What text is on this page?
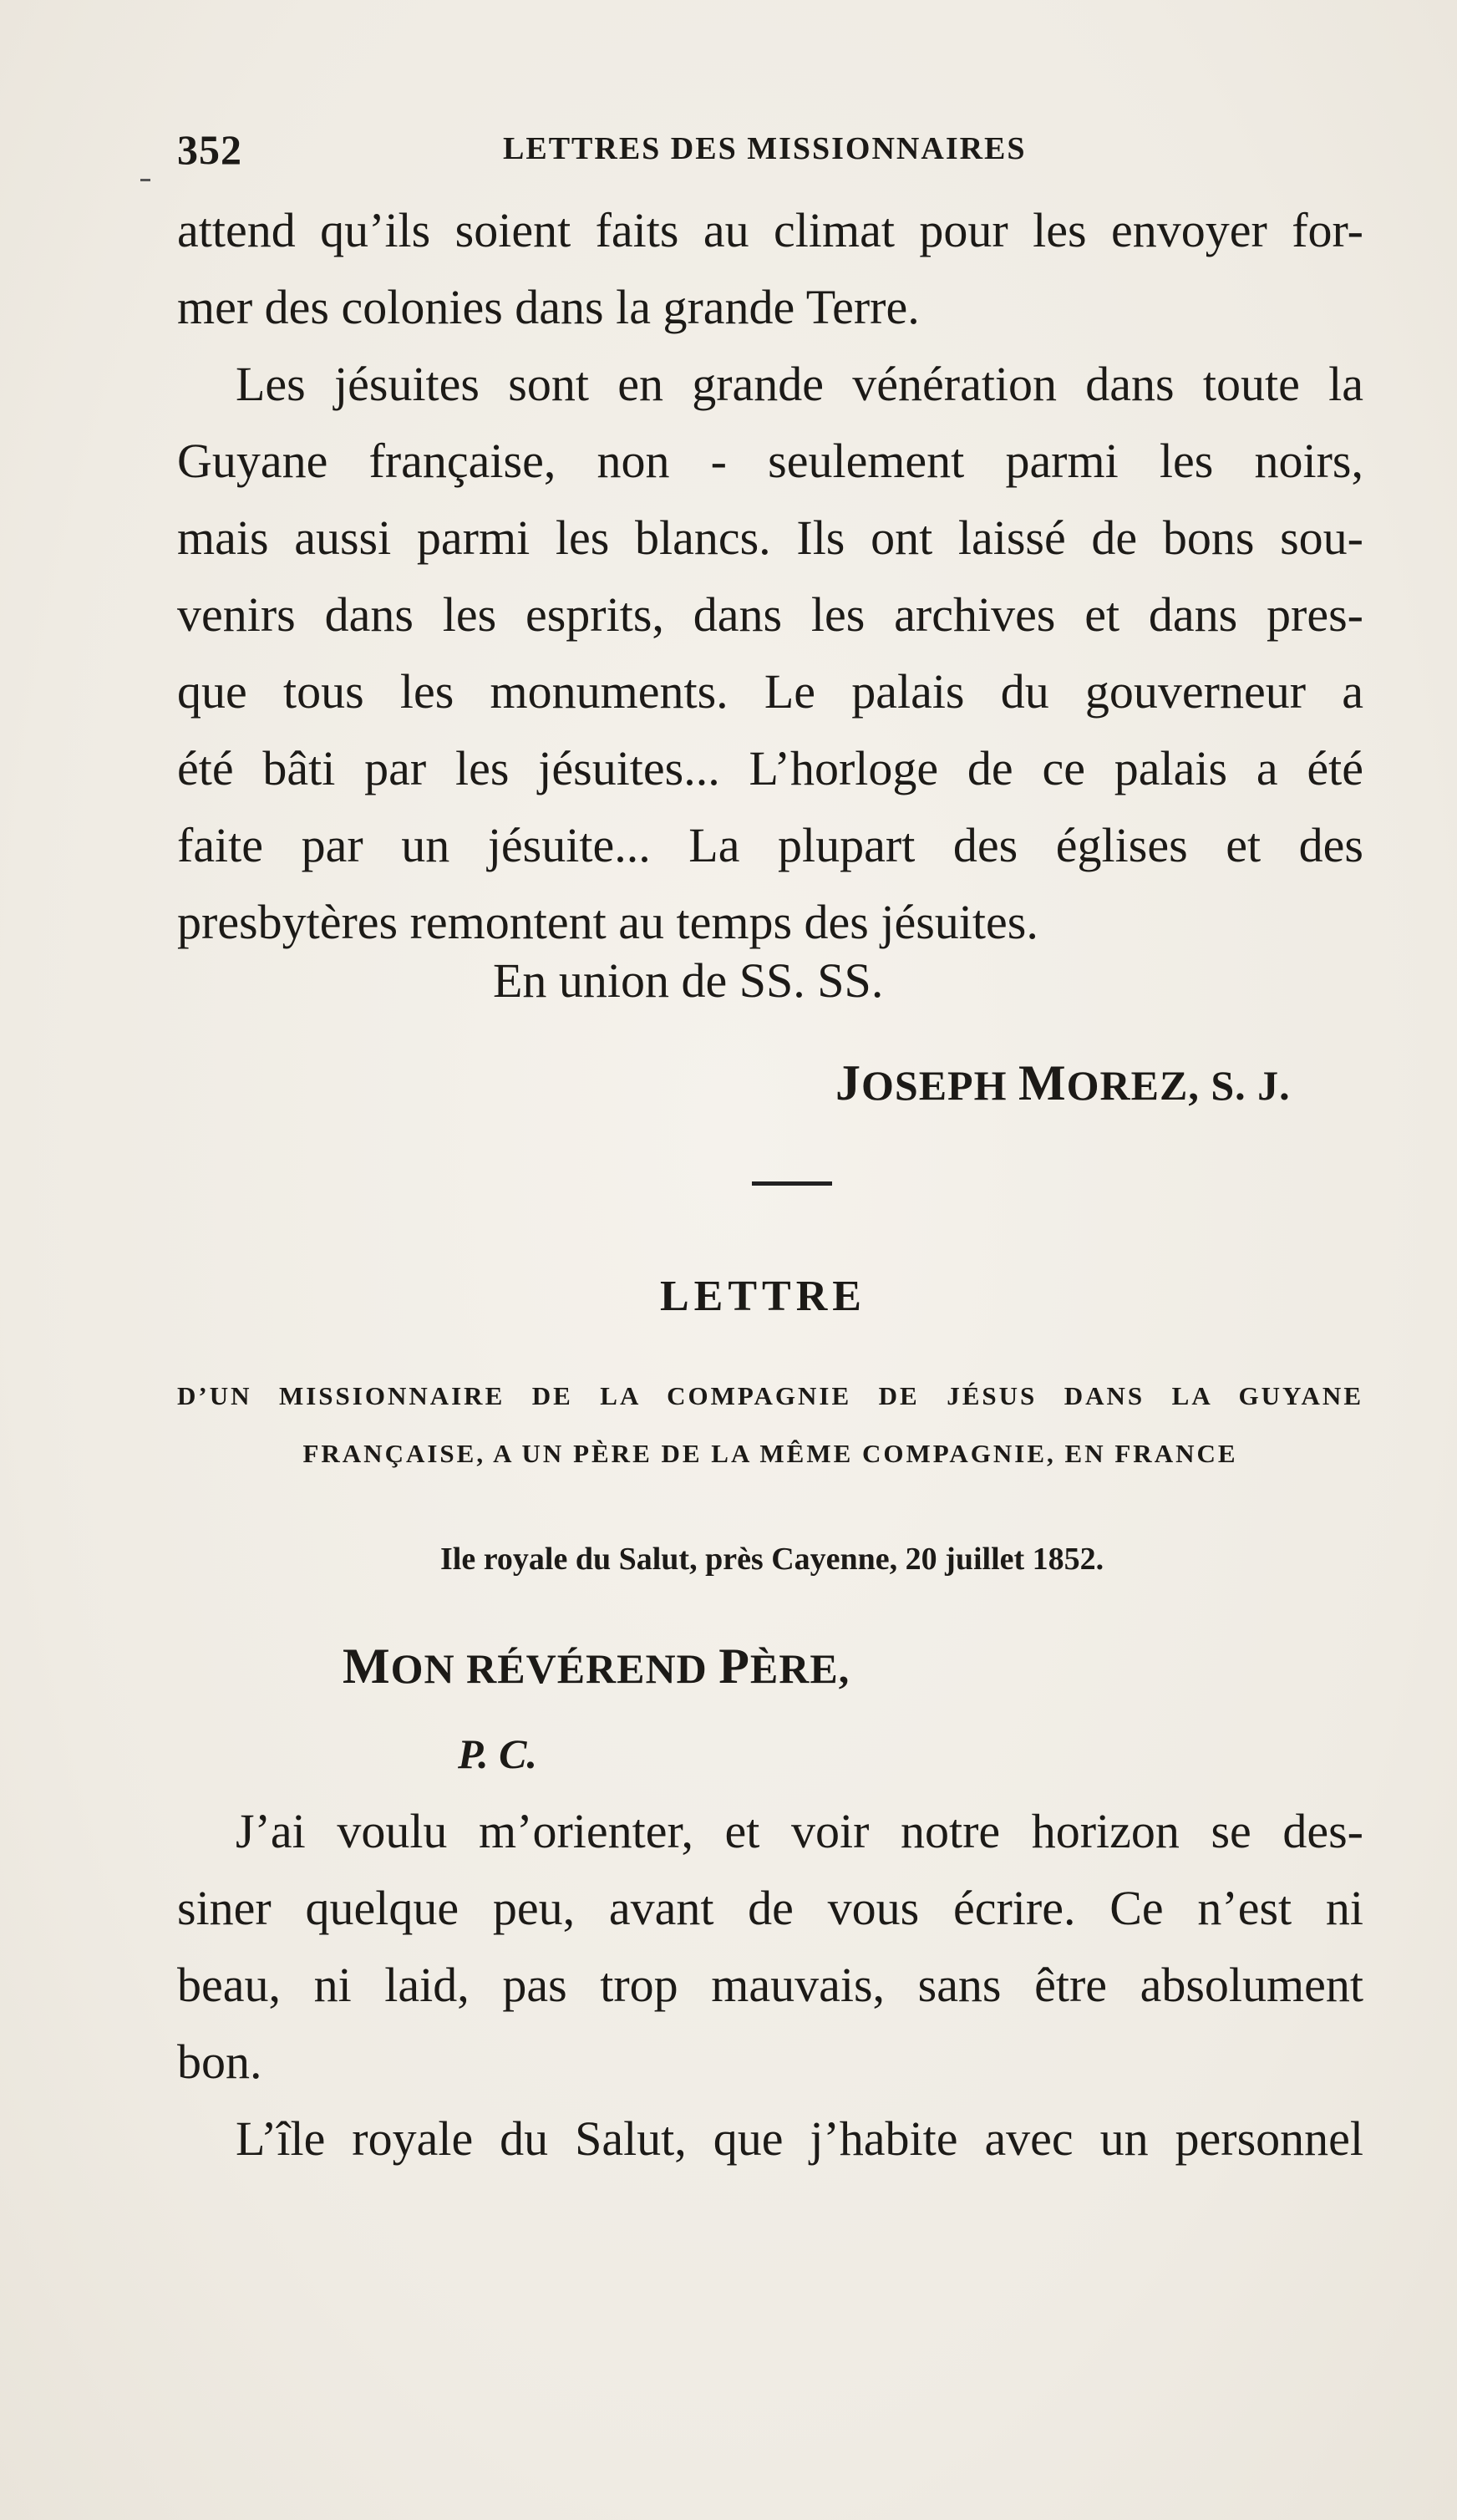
352	LETTRES DES MISSIONNAIRES
attend qu’ils soient faits au climat pour les envoyer for-
mer des colonies dans la grande Terre.
Les jésuites sont en grande vénération dans toute la
Guyane française, non - seulement parmi les noirs,
mais aussi parmi les blancs. Ils ont laissé de bons sou-
venirs dans les esprits, dans les archives et dans pres-
que tous les monuments. Le palais du gouverneur a
été bâti par les jésuites... L’horloge de ce palais a été
faite par un jésuite... La plupart des églises et des
presbytères remontent au temps des jésuites.
En union de SS. SS.
JOSEPH MOREZ, S. J.
LETTRE
D’UN MISSIONNAIRE DE LA COMPAGNIE DE JÉSUS DANS LA GUYANE
FRANÇAISE, A UN PÈRE DE LA MÊME COMPAGNIE, EN FRANCE
Ile royale du Salut, près Cayenne, 20 juillet 1852.
MON RÉVÉREND PÈRE,
P. C.
J’ai voulu m’orienter, et voir notre horizon se des-
siner quelque peu, avant de vous écrire. Ce n’est ni
beau, ni laid, pas trop mauvais, sans être absolument
bon.
L’île royale du Salut, que j’habite avec un personnel
